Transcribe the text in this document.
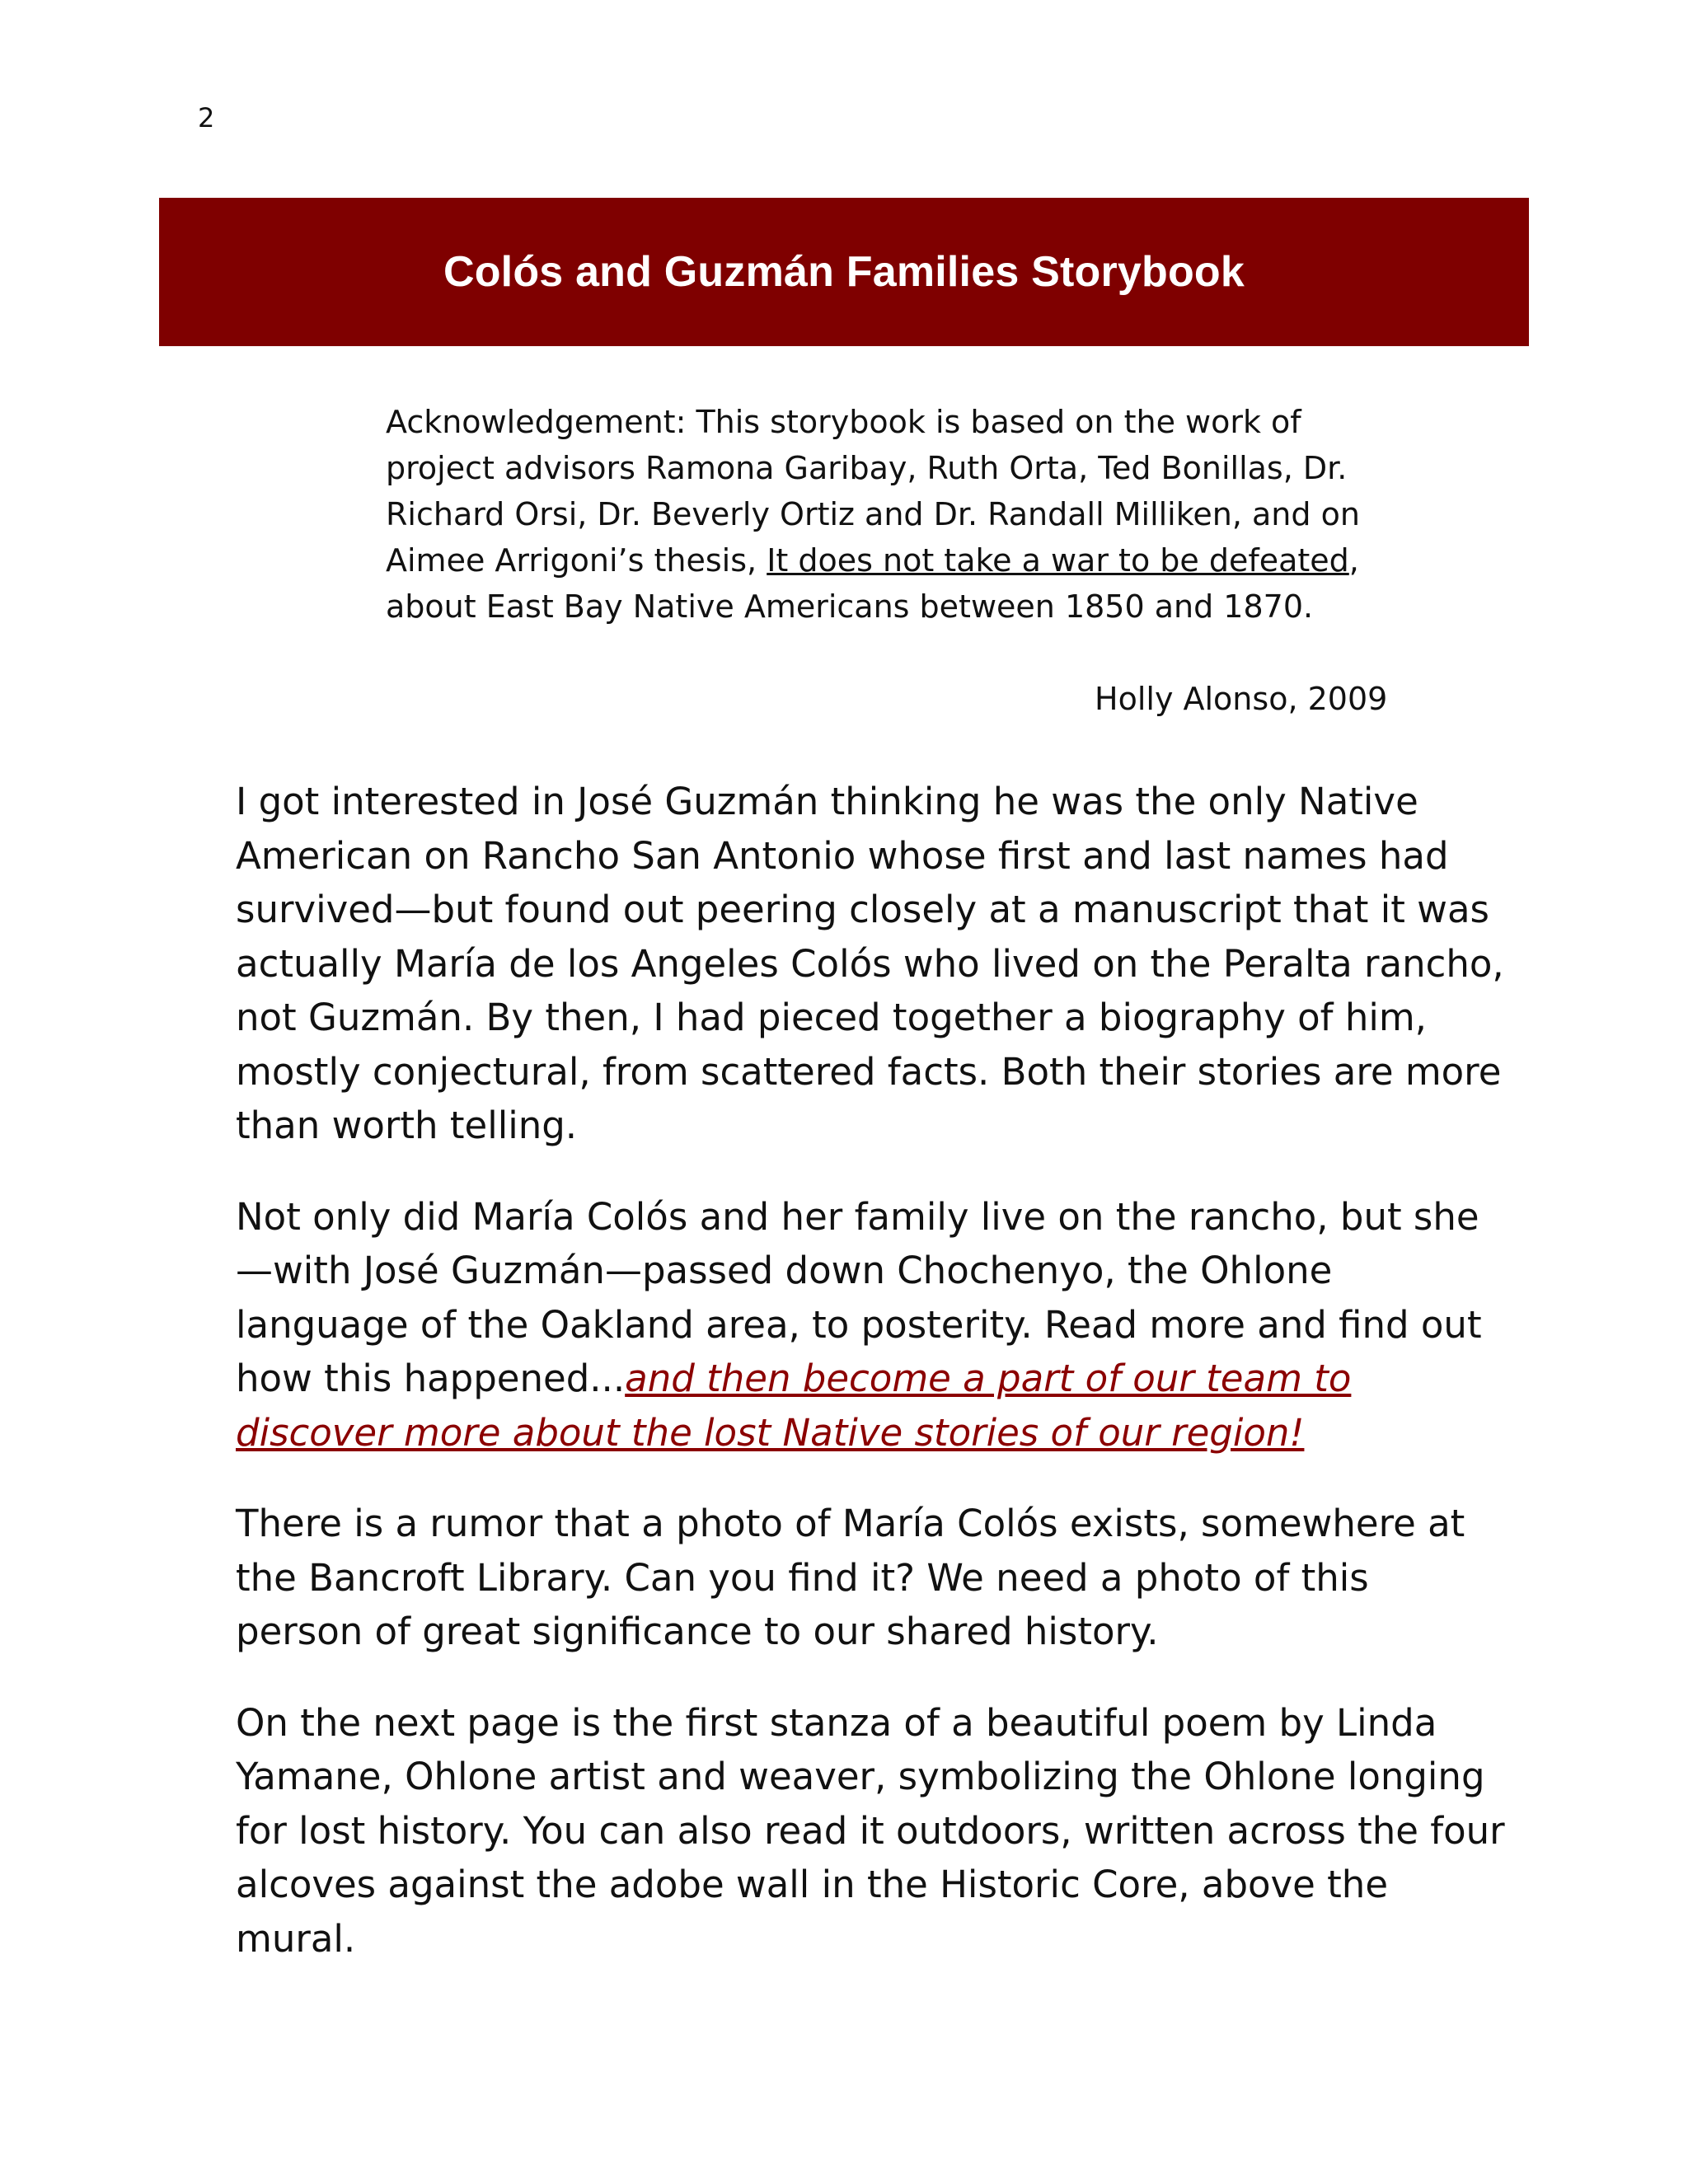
2
Colós and Guzmán Families Storybook
Acknowledgement: This storybook is based on the work of project advisors Ramona Garibay, Ruth Orta, Ted Bonillas, Dr. Richard Orsi, Dr. Beverly Ortiz and Dr. Randall Milliken, and on Aimee Arrigoni’s thesis, It does not take a war to be defeated, about East Bay Native Americans between 1850 and 1870.
Holly Alonso, 2009

I got interested in José Guzmán thinking he was the only Native American on Rancho San Antonio whose first and last names had survived—but found out peering closely at a manuscript that it was actually María de los Angeles Colós who lived on the Peralta rancho, not Guzmán. By then, I had pieced together a biography of him, mostly conjectural, from scattered facts. Both their stories are more than worth telling.

Not only did María Colós and her family live on the rancho, but she—with José Guzmán—passed down Chochenyo, the Ohlone language of the Oakland area, to posterity. Read more and find out how this happened...and then become a part of our team to discover more about the lost Native stories of our region!

There is a rumor that a photo of María Colós exists, somewhere at the Bancroft Library. Can you find it? We need a photo of this person of great significance to our shared history.

On the next page is the first stanza of a beautiful poem by Linda Yamane, Ohlone artist and weaver, symbolizing the Ohlone longing for lost history. You can also read it outdoors, written across the four alcoves against the adobe wall in the Historic Core, above the mural.
